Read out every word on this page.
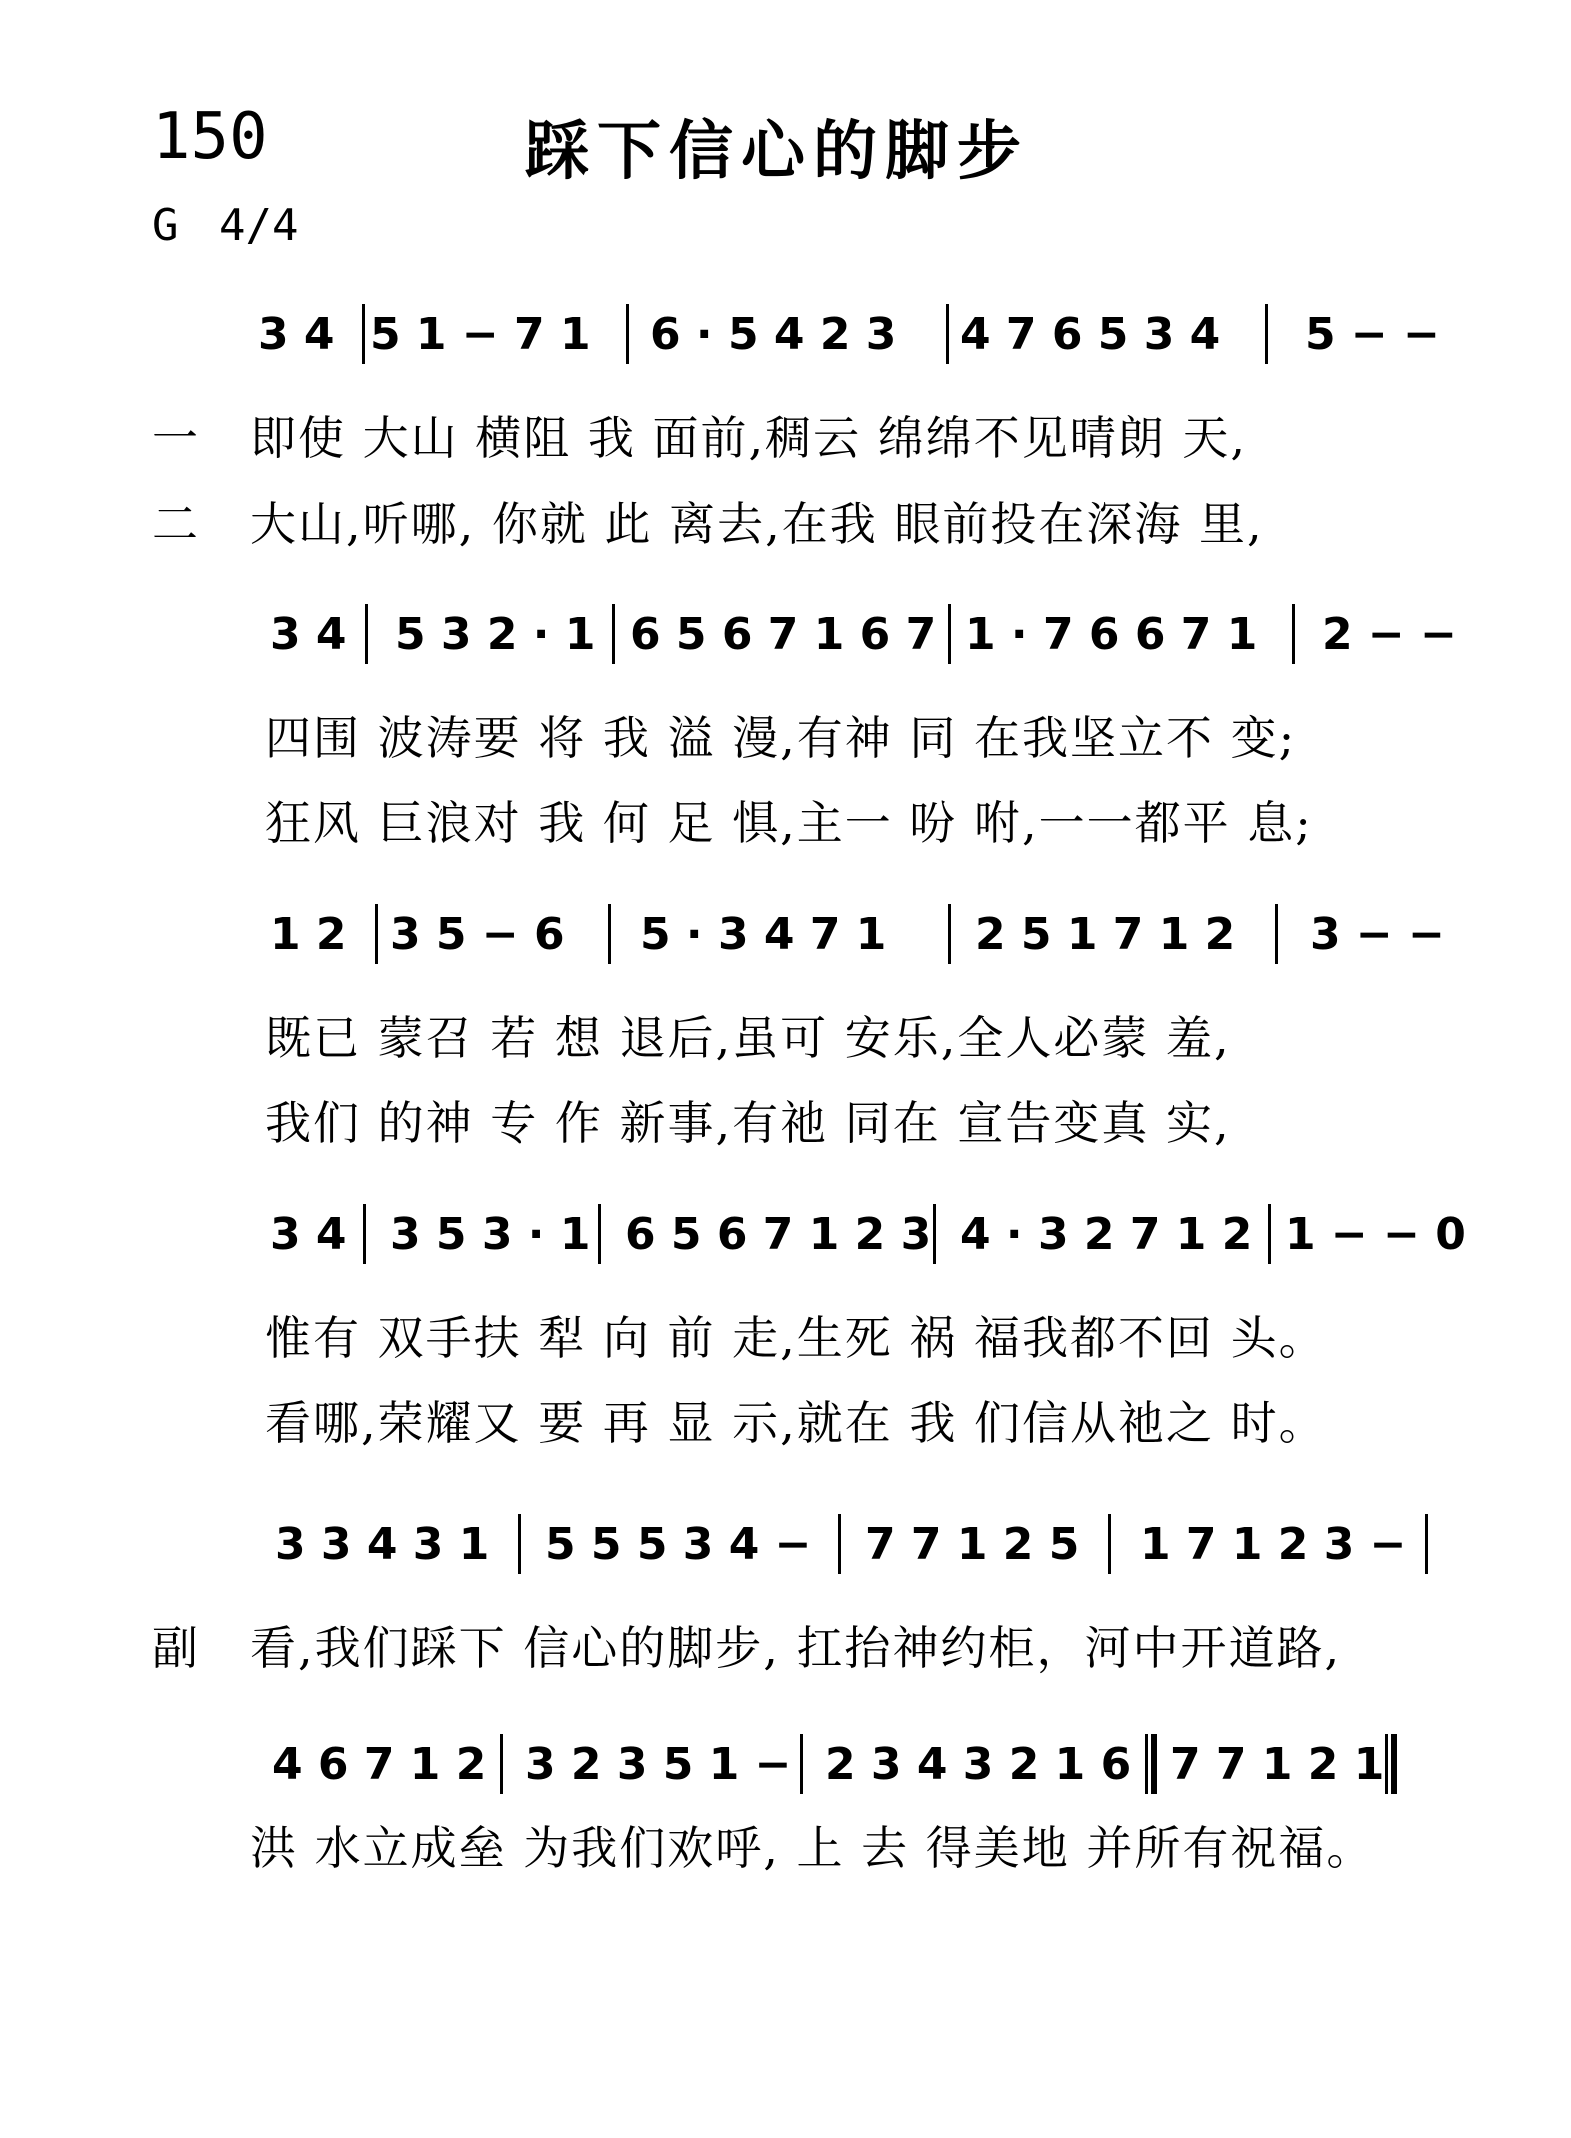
150	踩下信心的脚步
G 4/4
3 4 5 1 − 7 1 6 · 5 4 2 3 4 7 6 5 3 4 5 − −
一 即使 大山 横阻 我 面前,稠云 绵绵不见晴朗 天,
二 大山,听哪, 你就 此 离去,在我 眼前投在深海 里,
3 4 5 3 2 · 1 6 5 6 7 1 6 7 1 · 7 6 6 7 1 2 − −
四围 波涛要 将 我 溢 漫,有神 同 在我坚立不 变;
狂风 巨浪对 我 何 足 惧,主一 吩 咐,一一都平 息;
1 2 3 5 − 6 5 · 3 4 7 1 2 5 1 7 1 2 3 − −
既已 蒙召 若 想 退后,虽可 安乐,全人必蒙 羞,
我们 的神 专 作 新事,有祂 同在 宣告变真 实,
3 4 3 5 3 · 1 6 5 6 7 1 2 3 4 · 3 2 7 1 2 1 − − 0
惟有 双手扶 犁 向 前 走,生死 祸 福我都不回 头。
看哪,荣耀又 要 再 显 示,就在 我 们信从祂之 时。
3 3 4 3 1 5 5 5 3 4 − 7 7 1 2 5 1 7 1 2 3 −
副 看,我们踩下 信心的脚步, 扛抬神约柜，河中开道路,
4 6 7 1 2 3 2 3 5 1 − 2 3 4 3 2 1 6 7 7 1 2 1
洪 水立成垒 为我们欢呼, 上 去 得美地 并所有祝福。
